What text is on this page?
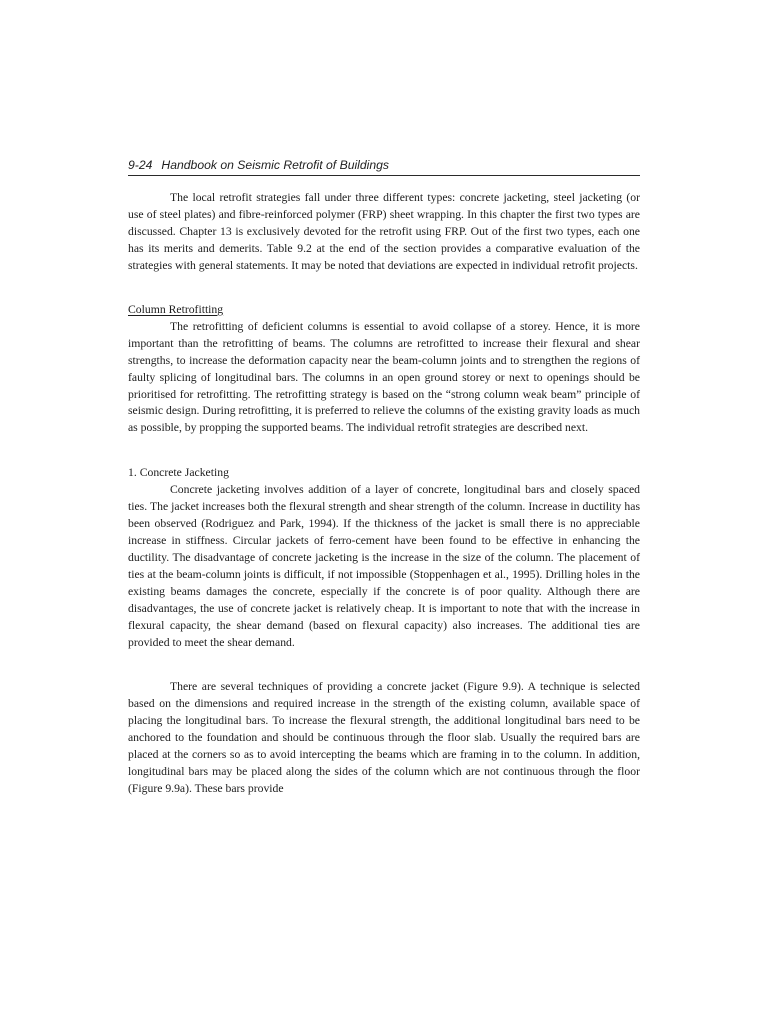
9-24 Handbook on Seismic Retrofit of Buildings

The local retrofit strategies fall under three different types: concrete jacketing, steel jacketing (or use of steel plates) and fibre-reinforced polymer (FRP) sheet wrapping. In this chapter the first two types are discussed. Chapter 13 is exclusively devoted for the retrofit using FRP. Out of the first two types, each one has its merits and demerits. Table 9.2 at the end of the section provides a comparative evaluation of the strategies with general statements. It may be noted that deviations are expected in individual retrofit projects.

Column Retrofitting

The retrofitting of deficient columns is essential to avoid collapse of a storey. Hence, it is more important than the retrofitting of beams. The columns are retrofitted to increase their flexural and shear strengths, to increase the deformation capacity near the beam-column joints and to strengthen the regions of faulty splicing of longitudinal bars. The columns in an open ground storey or next to openings should be prioritised for retrofitting. The retrofitting strategy is based on the “strong column weak beam” principle of seismic design. During retrofitting, it is preferred to relieve the columns of the existing gravity loads as much as possible, by propping the supported beams. The individual retrofit strategies are described next.

1. Concrete Jacketing

Concrete jacketing involves addition of a layer of concrete, longitudinal bars and closely spaced ties. The jacket increases both the flexural strength and shear strength of the column. Increase in ductility has been observed (Rodriguez and Park, 1994). If the thickness of the jacket is small there is no appreciable increase in stiffness. Circular jackets of ferro-cement have been found to be effective in enhancing the ductility. The disadvantage of concrete jacketing is the increase in the size of the column. The placement of ties at the beam-column joints is difficult, if not impossible (Stoppenhagen et al., 1995). Drilling holes in the existing beams damages the concrete, especially if the concrete is of poor quality. Although there are disadvantages, the use of concrete jacket is relatively cheap. It is important to note that with the increase in flexural capacity, the shear demand (based on flexural capacity) also increases. The additional ties are provided to meet the shear demand.

There are several techniques of providing a concrete jacket (Figure 9.9). A technique is selected based on the dimensions and required increase in the strength of the existing column, available space of placing the longitudinal bars. To increase the flexural strength, the additional longitudinal bars need to be anchored to the foundation and should be continuous through the floor slab. Usually the required bars are placed at the corners so as to avoid intercepting the beams which are framing in to the column. In addition, longitudinal bars may be placed along the sides of the column which are not continuous through the floor (Figure 9.9a). These bars provide
